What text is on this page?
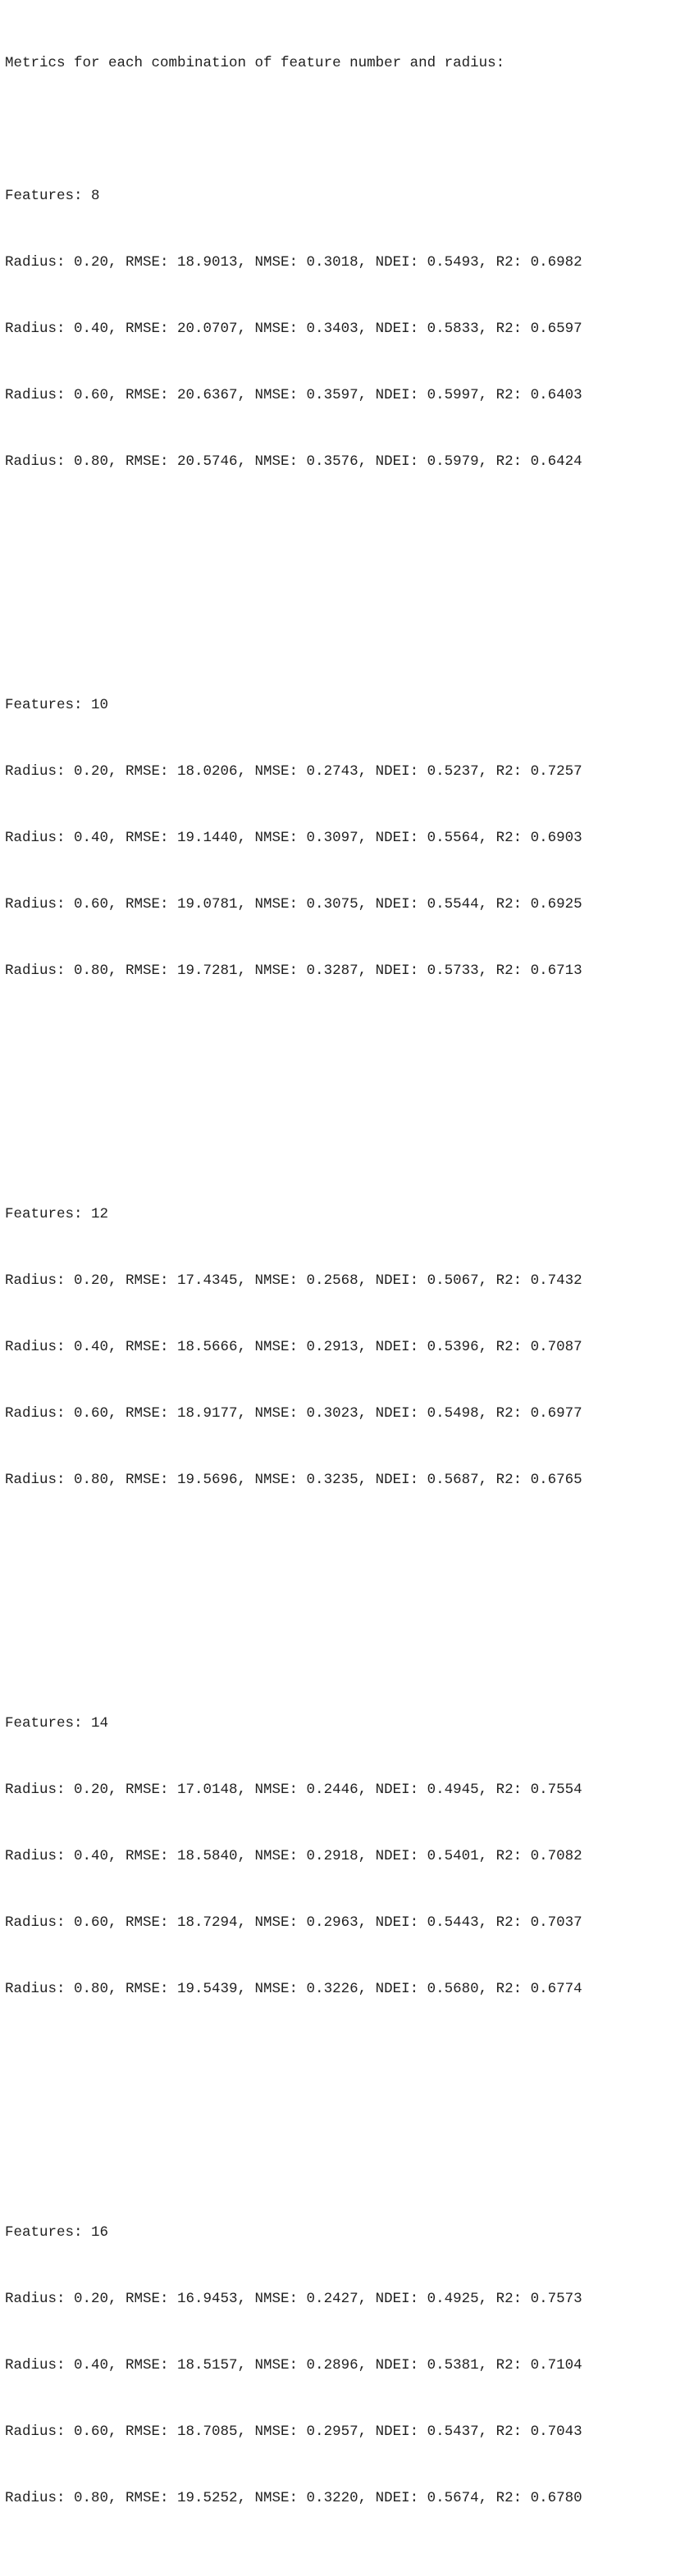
Metrics for each combination of feature number and radius:

Features: 8

Radius: 0.20, RMSE: 18.9013, NMSE: 0.3018, NDEI: 0.5493, R2: 0.6982

Radius: 0.40, RMSE: 20.0707, NMSE: 0.3403, NDEI: 0.5833, R2: 0.6597

Radius: 0.60, RMSE: 20.6367, NMSE: 0.3597, NDEI: 0.5997, R2: 0.6403

Radius: 0.80, RMSE: 20.5746, NMSE: 0.3576, NDEI: 0.5979, R2: 0.6424

Features: 10

Radius: 0.20, RMSE: 18.0206, NMSE: 0.2743, NDEI: 0.5237, R2: 0.7257

Radius: 0.40, RMSE: 19.1440, NMSE: 0.3097, NDEI: 0.5564, R2: 0.6903

Radius: 0.60, RMSE: 19.0781, NMSE: 0.3075, NDEI: 0.5544, R2: 0.6925

Radius: 0.80, RMSE: 19.7281, NMSE: 0.3287, NDEI: 0.5733, R2: 0.6713

Features: 12

Radius: 0.20, RMSE: 17.4345, NMSE: 0.2568, NDEI: 0.5067, R2: 0.7432

Radius: 0.40, RMSE: 18.5666, NMSE: 0.2913, NDEI: 0.5396, R2: 0.7087

Radius: 0.60, RMSE: 18.9177, NMSE: 0.3023, NDEI: 0.5498, R2: 0.6977

Radius: 0.80, RMSE: 19.5696, NMSE: 0.3235, NDEI: 0.5687, R2: 0.6765

Features: 14

Radius: 0.20, RMSE: 17.0148, NMSE: 0.2446, NDEI: 0.4945, R2: 0.7554

Radius: 0.40, RMSE: 18.5840, NMSE: 0.2918, NDEI: 0.5401, R2: 0.7082

Radius: 0.60, RMSE: 18.7294, NMSE: 0.2963, NDEI: 0.5443, R2: 0.7037

Radius: 0.80, RMSE: 19.5439, NMSE: 0.3226, NDEI: 0.5680, R2: 0.6774

Features: 16

Radius: 0.20, RMSE: 16.9453, NMSE: 0.2427, NDEI: 0.4925, R2: 0.7573

Radius: 0.40, RMSE: 18.5157, NMSE: 0.2896, NDEI: 0.5381, R2: 0.7104

Radius: 0.60, RMSE: 18.7085, NMSE: 0.2957, NDEI: 0.5437, R2: 0.7043

Radius: 0.80, RMSE: 19.5252, NMSE: 0.3220, NDEI: 0.5674, R2: 0.6780
